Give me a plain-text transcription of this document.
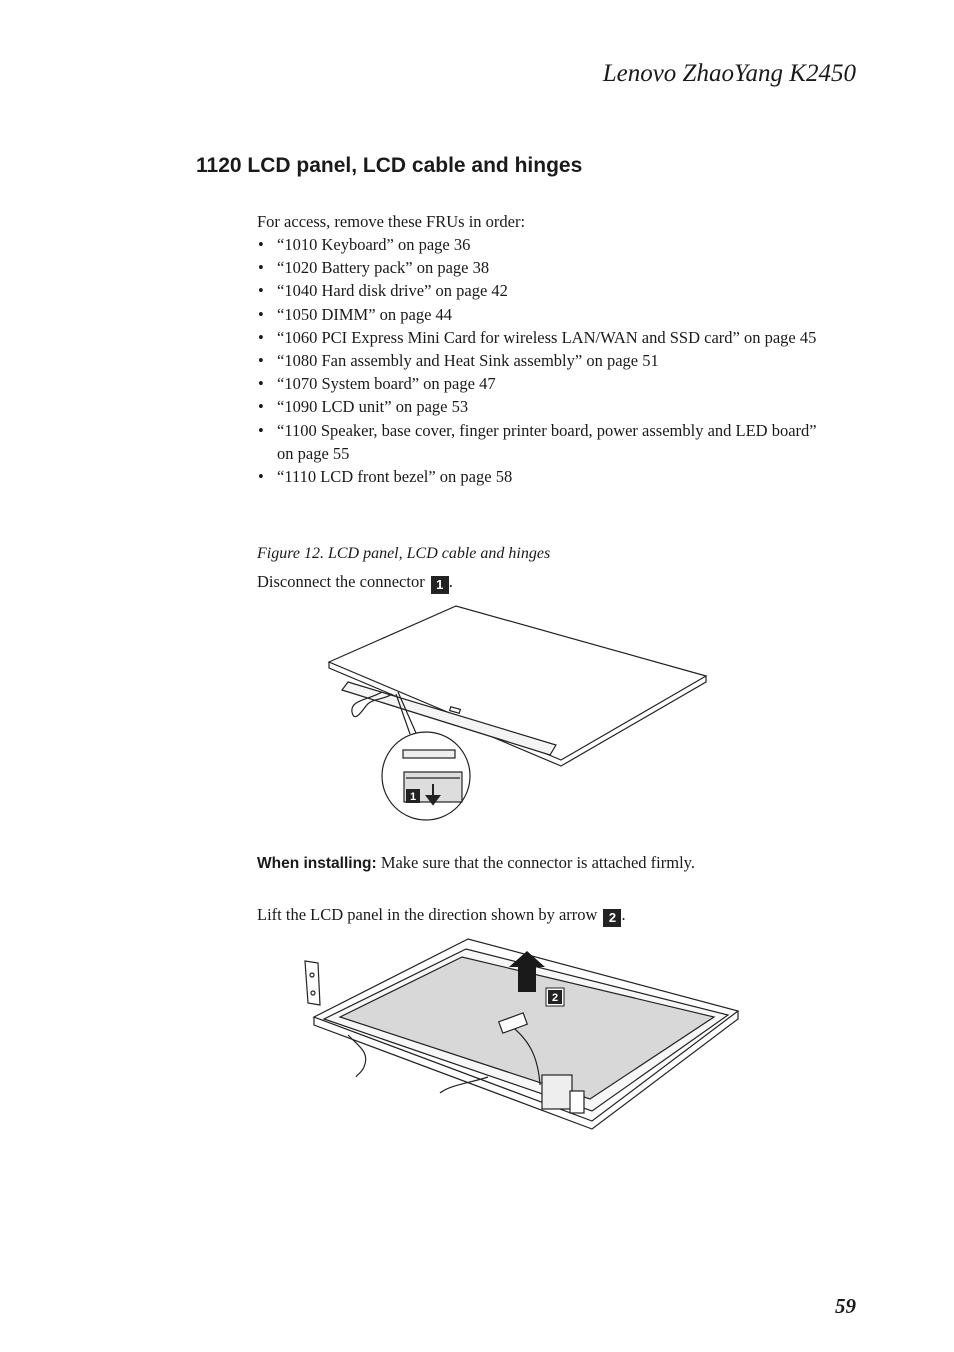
Lenovo ZhaoYang K2450
1120 LCD panel, LCD cable and hinges
For access, remove these FRUs in order:
• “1010 Keyboard” on page 36
• “1020 Battery pack” on page 38
• “1040 Hard disk drive” on page 42
• “1050 DIMM” on page 44
• “1060 PCI Express Mini Card for wireless LAN/WAN and SSD card” on page 45
• “1080 Fan assembly and Heat Sink assembly” on page 51
• “1070 System board” on page 47
• “1090 LCD unit” on page 53
• “1100 Speaker, base cover, finger printer board, power assembly and LED board” on page 55
• “1110 LCD front bezel” on page 58
Figure 12. LCD panel, LCD cable and hinges
Disconnect the connector 1 .
1
When installing: Make sure that the connector is attached firmly.
Lift the LCD panel in the direction shown by arrow 2 .
2
59
